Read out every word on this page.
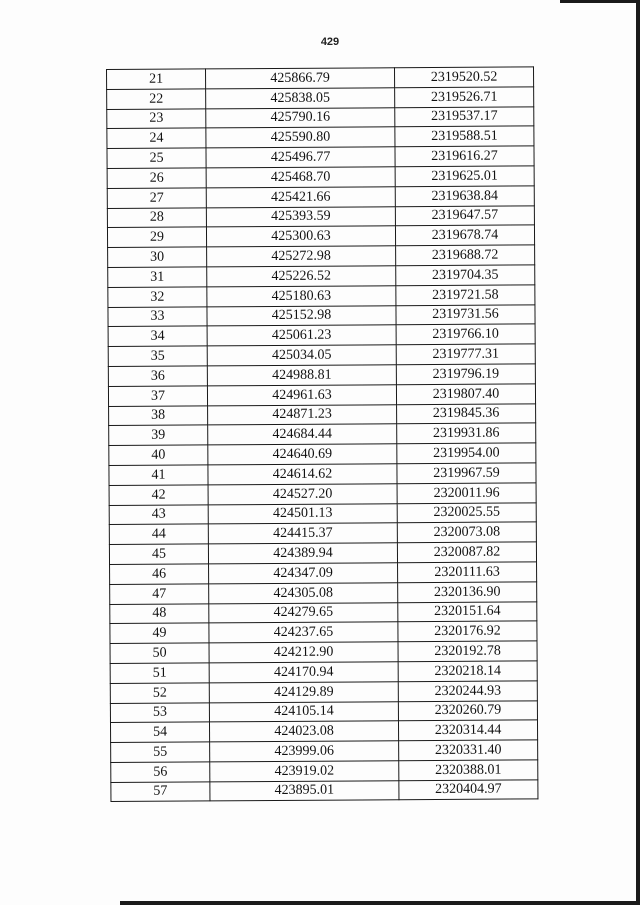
429
21	425866.79	2319520.52
22	425838.05	2319526.71
23	425790.16	2319537.17
24	425590.80	2319588.51
25	425496.77	2319616.27
26	425468.70	2319625.01
27	425421.66	2319638.84
28	425393.59	2319647.57
29	425300.63	2319678.74
30	425272.98	2319688.72
31	425226.52	2319704.35
32	425180.63	2319721.58
33	425152.98	2319731.56
34	425061.23	2319766.10
35	425034.05	2319777.31
36	424988.81	2319796.19
37	424961.63	2319807.40
38	424871.23	2319845.36
39	424684.44	2319931.86
40	424640.69	2319954.00
41	424614.62	2319967.59
42	424527.20	2320011.96
43	424501.13	2320025.55
44	424415.37	2320073.08
45	424389.94	2320087.82
46	424347.09	2320111.63
47	424305.08	2320136.90
48	424279.65	2320151.64
49	424237.65	2320176.92
50	424212.90	2320192.78
51	424170.94	2320218.14
52	424129.89	2320244.93
53	424105.14	2320260.79
54	424023.08	2320314.44
55	423999.06	2320331.40
56	423919.02	2320388.01
57	423895.01	2320404.97
